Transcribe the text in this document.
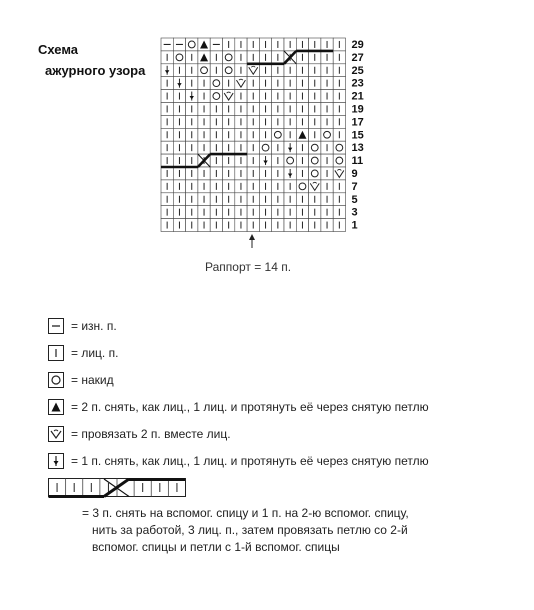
Схема
ажурного узора
29
27
25
23
21
19
17
15
13
11
9
7
5
3
1
Раппорт = 14 п.
= изн. п.
= лиц. п.
= накид
= 2 п. снять, как лиц., 1 лиц. и протянуть её через снятую петлю
= провязать 2 п. вместе лиц.
= 1 п. снять, как лиц., 1 лиц. и протянуть её через снятую петлю
= 3 п. снять на вспомог. спицу и 1 п. на 2-ю вспомог. спицу,
нить за работой, 3 лиц. п., затем провязать петлю со 2-й
вспомог. спицы и петли с 1-й вспомог. спицы
